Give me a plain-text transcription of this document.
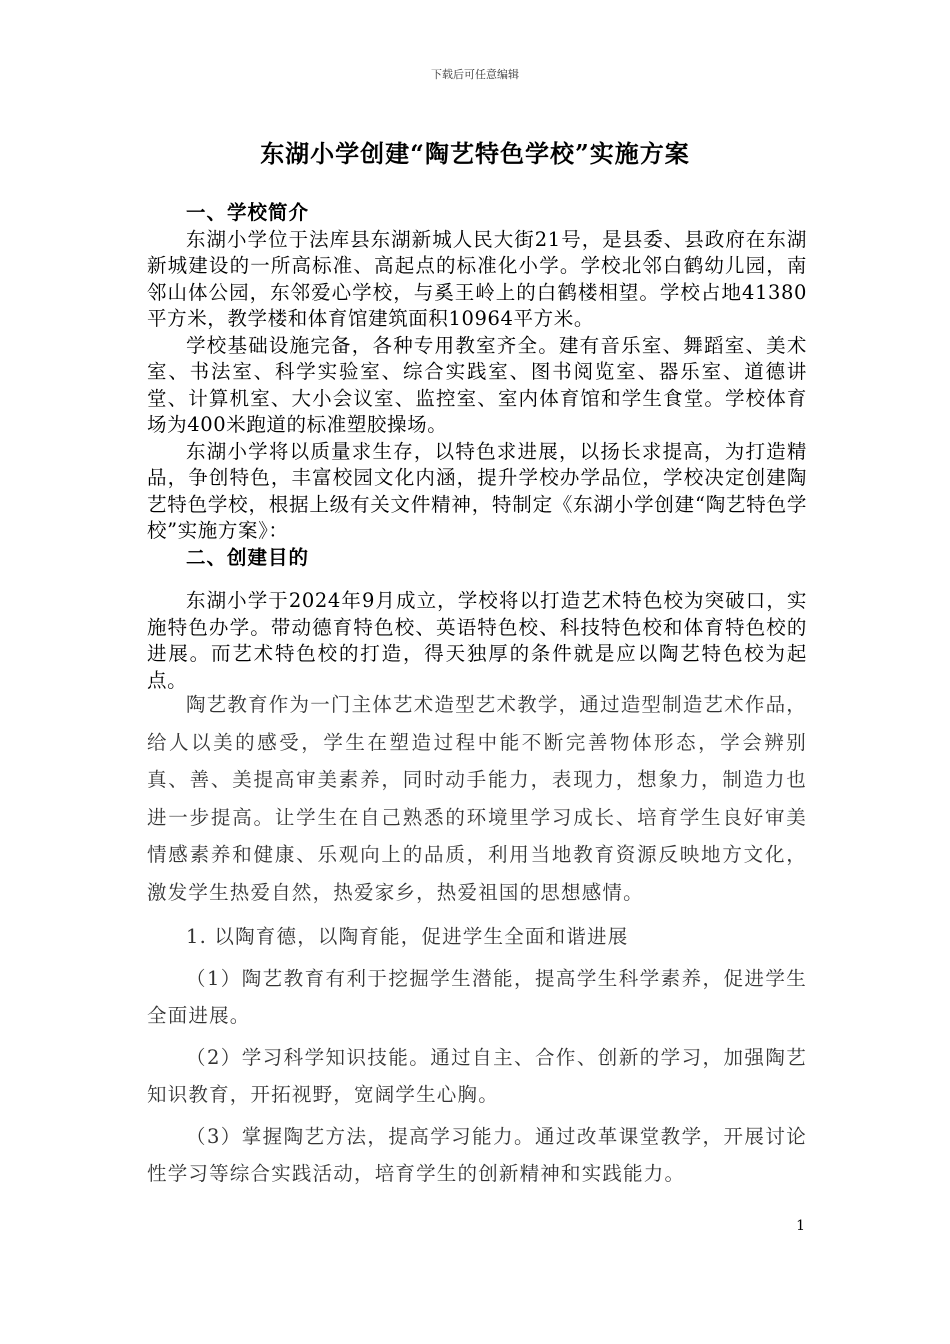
下载后可任意编辑
东湖小学创建“陶艺特色学校”实施方案

一、学校简介

东湖小学位于法库县东湖新城人民大街21号，是县委、县政府在东湖新城建设的一所高标准、高起点的标准化小学。学校北邻白鹤幼儿园，南邻山体公园，东邻爱心学校，与奚王岭上的白鹤楼相望。学校占地41380平方米，教学楼和体育馆建筑面积10964平方米。

学校基础设施完备，各种专用教室齐全。建有音乐室、舞蹈室、美术室、书法室、科学实验室、综合实践室、图书阅览室、器乐室、道德讲堂、计算机室、大小会议室、监控室、室内体育馆和学生食堂。学校体育场为400米跑道的标准塑胶操场。

东湖小学将以质量求生存，以特色求进展，以扬长求提高，为打造精品，争创特色，丰富校园文化内涵，提升学校办学品位，学校决定创建陶艺特色学校，根据上级有关文件精神，特制定《东湖小学创建“陶艺特色学校”实施方案》：

二、创建目的

东湖小学于2024年9月成立，学校将以打造艺术特色校为突破口，实施特色办学。带动德育特色校、英语特色校、科技特色校和体育特色校的进展。而艺术特色校的打造，得天独厚的条件就是应以陶艺特色校为起点。

陶艺教育作为一门主体艺术造型艺术教学，通过造型制造艺术作品，给人以美的感受，学生在塑造过程中能不断完善物体形态，学会辨别真、善、美提高审美素养，同时动手能力，表现力，想象力，制造力也进一步提高。让学生在自己熟悉的环境里学习成长、培育学生良好审美情感素养和健康、乐观向上的品质，利用当地教育资源反映地方文化，激发学生热爱自然，热爱家乡，热爱祖国的思想感情。

1. 以陶育德，以陶育能，促进学生全面和谐进展

（1）陶艺教育有利于挖掘学生潜能，提高学生科学素养，促进学生全面进展。

（2）学习科学知识技能。通过自主、合作、创新的学习，加强陶艺知识教育，开拓视野，宽阔学生心胸。

（3）掌握陶艺方法，提高学习能力。通过改革课堂教学，开展讨论性学习等综合实践活动，培育学生的创新精神和实践能力。

1
